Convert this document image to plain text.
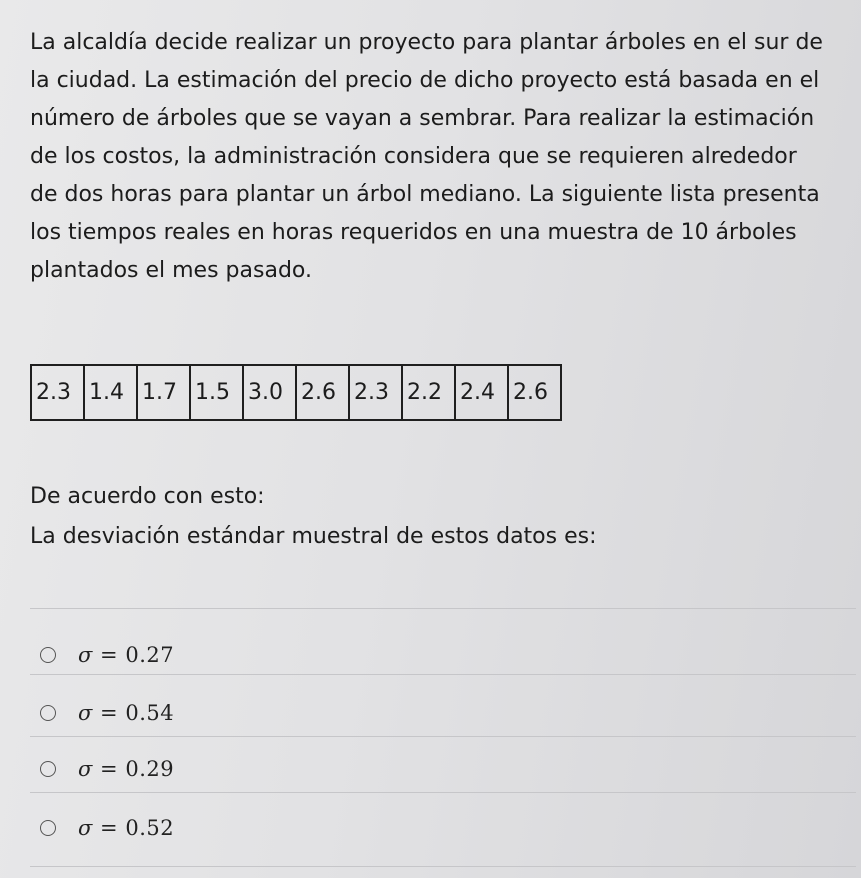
La alcaldía decide realizar un proyecto para plantar árboles en el sur de
la ciudad. La estimación del precio de dicho proyecto está basada en el
número de árboles que se vayan a sembrar. Para realizar la estimación
de los costos, la administración considera que se requieren alrededor
de dos horas para plantar un árbol mediano. La siguiente lista presenta
los tiempos reales en horas requeridos en una muestra de 10 árboles
plantados el mes pasado.
2.3	1.4	1.7	1.5	3.0	2.6	2.3	2.2	2.4	2.6

De acuerdo con esto:

La desviación estándar muestral de estos datos es:

σ = 0.27
σ = 0.54
σ = 0.29
σ = 0.52
